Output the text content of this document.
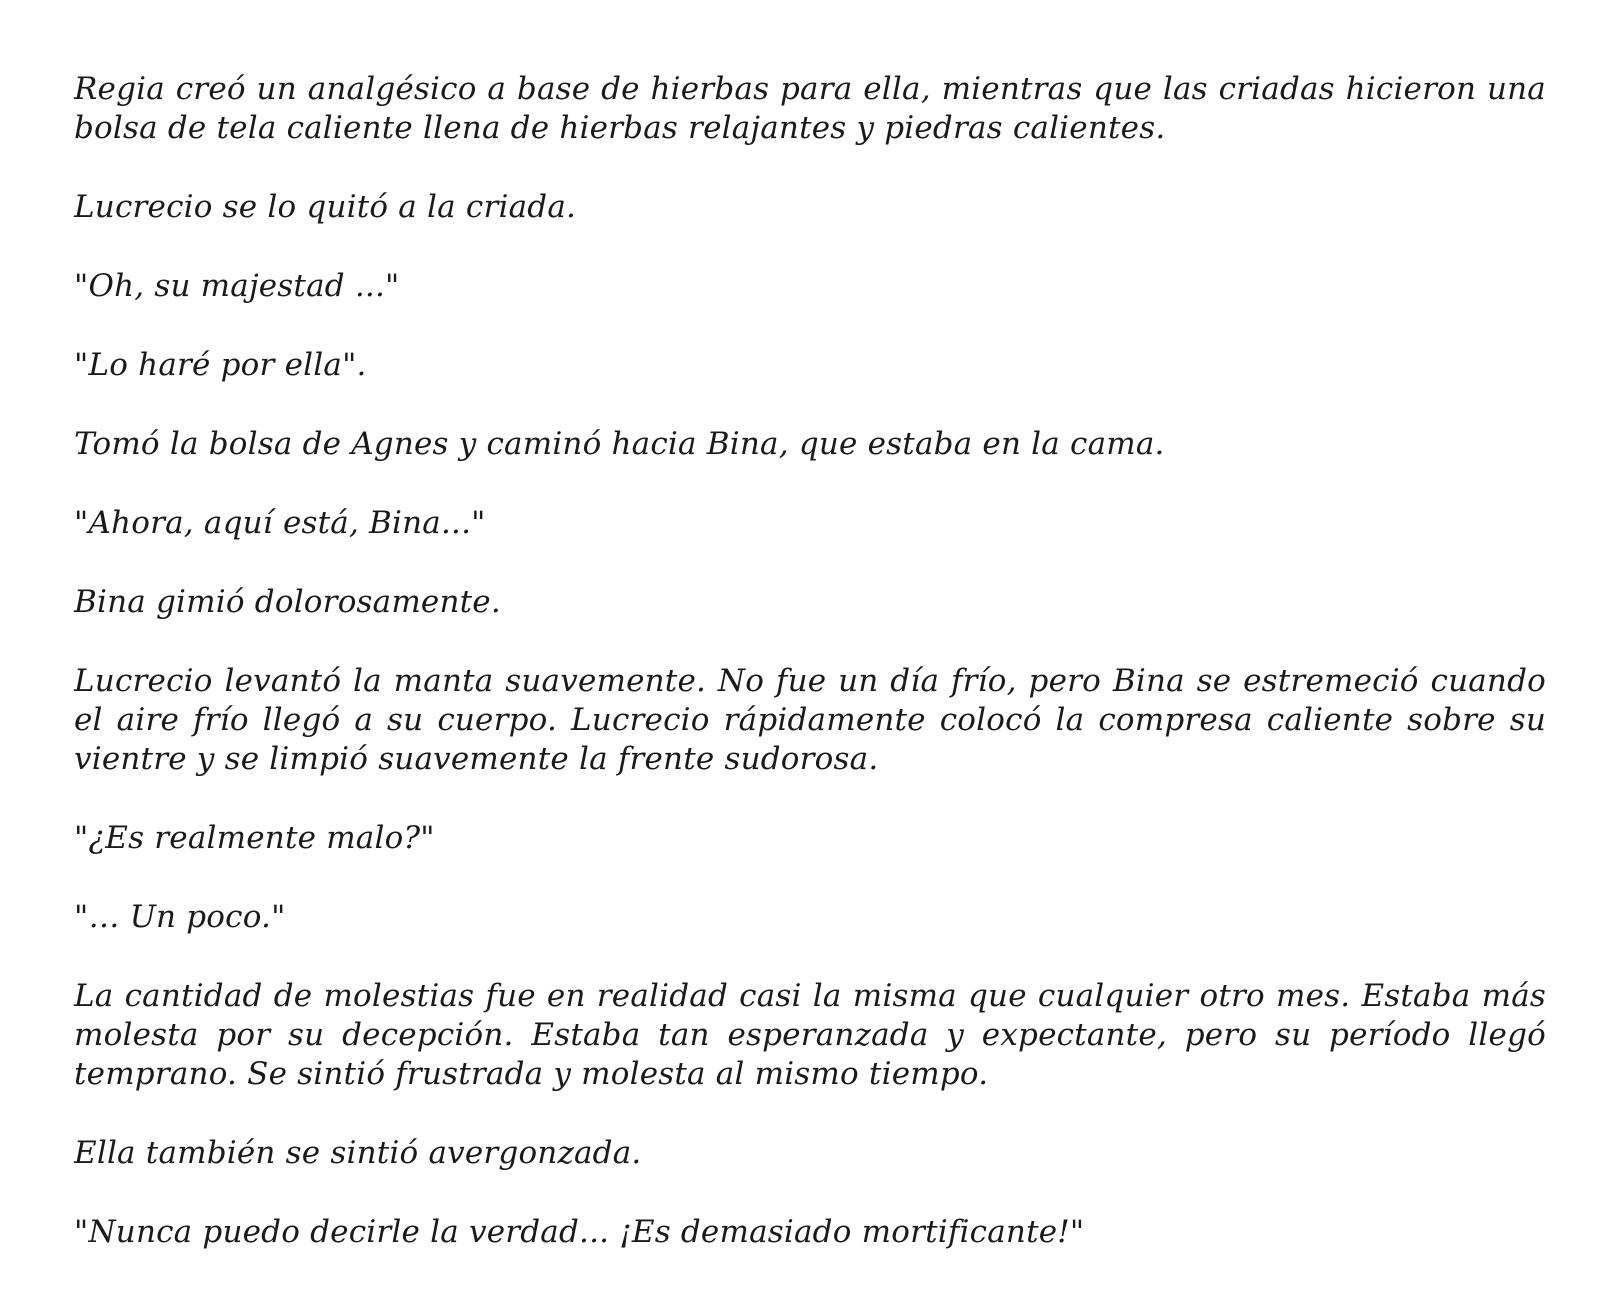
Regia creó un analgésico a base de hierbas para ella, mientras que las criadas hicieron una bolsa de tela caliente llena de hierbas relajantes y piedras calientes.

Lucrecio se lo quitó a la criada.

"Oh, su majestad ..."

"Lo haré por ella".

Tomó la bolsa de Agnes y caminó hacia Bina, que estaba en la cama.

"Ahora, aquí está, Bina..."

Bina gimió dolorosamente.

Lucrecio levantó la manta suavemente. No fue un día frío, pero Bina se estremeció cuando el aire frío llegó a su cuerpo. Lucrecio rápidamente colocó la compresa caliente sobre su vientre y se limpió suavemente la frente sudorosa.

"¿Es realmente malo?"

"… Un poco."

La cantidad de molestias fue en realidad casi la misma que cualquier otro mes. Estaba más molesta por su decepción. Estaba tan esperanzada y expectante, pero su período llegó temprano. Se sintió frustrada y molesta al mismo tiempo.

Ella también se sintió avergonzada.

"Nunca puedo decirle la verdad... ¡Es demasiado mortificante!"
